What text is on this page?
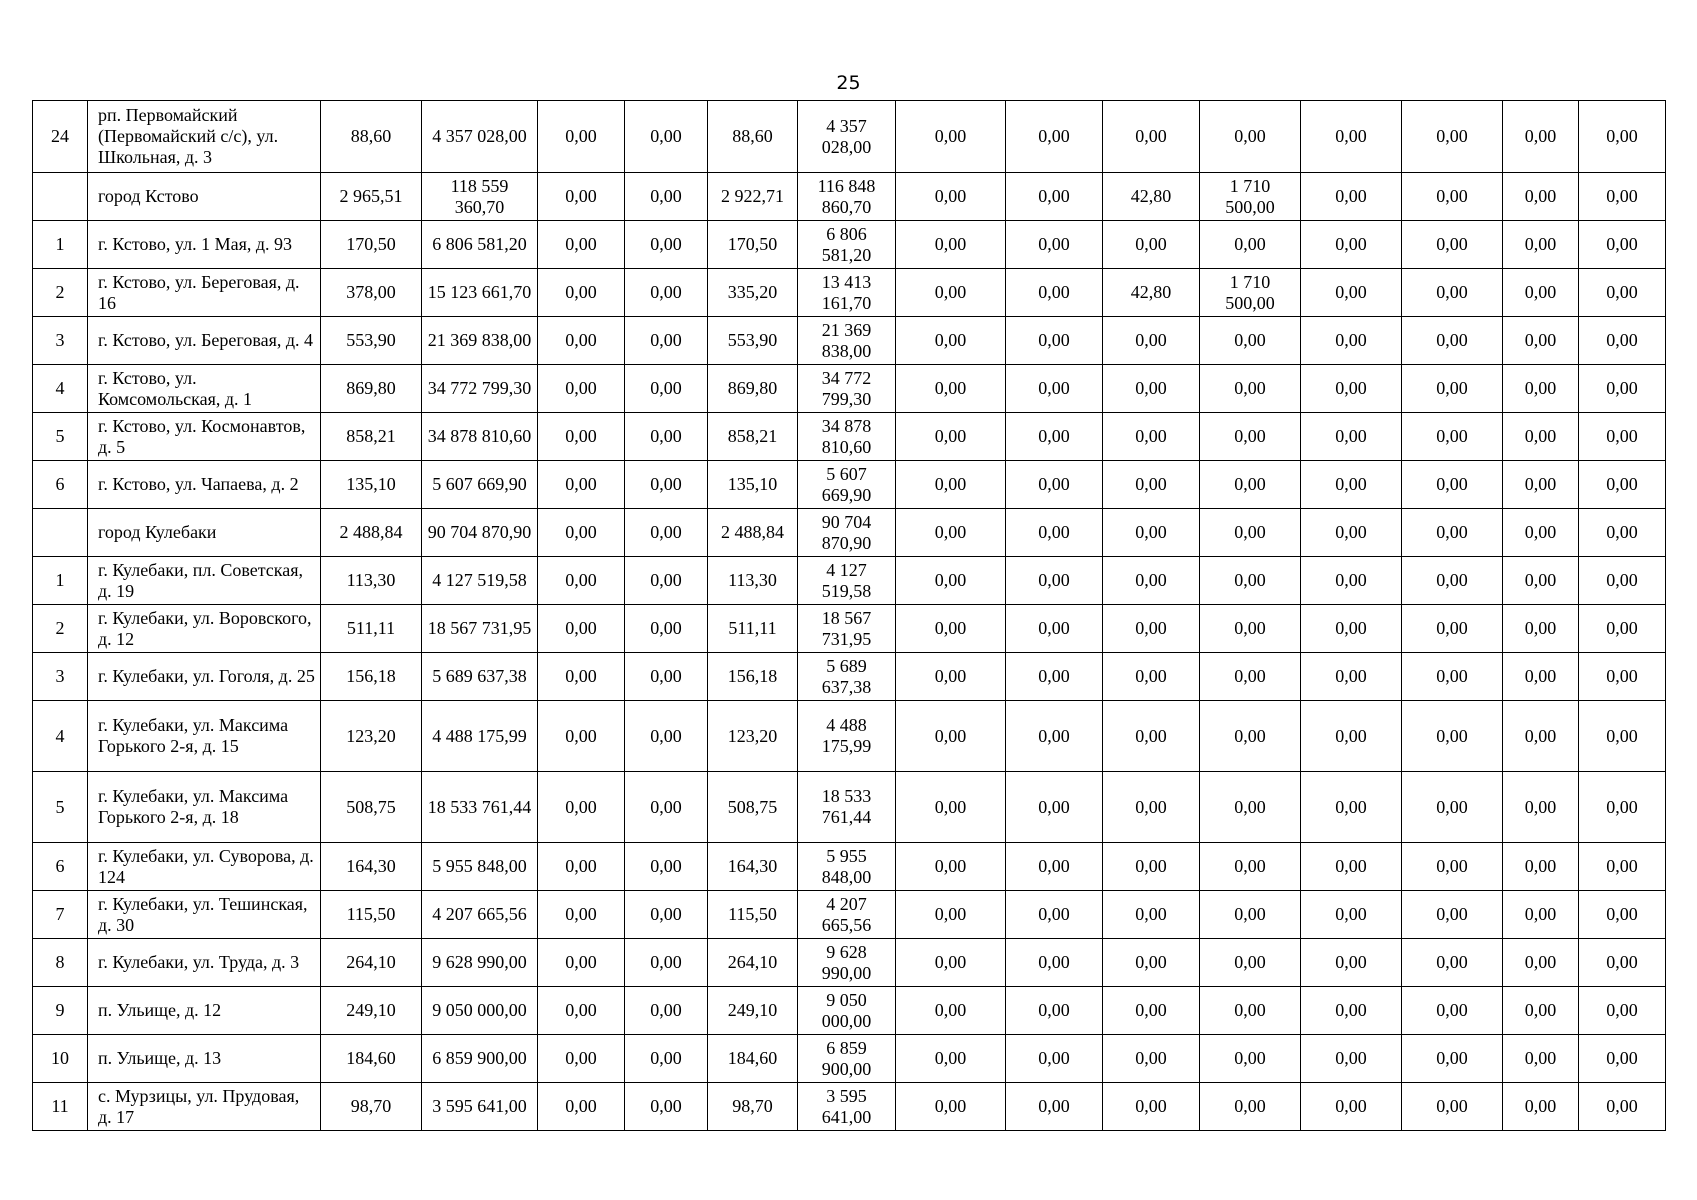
25
24	рп. Первомайский (Первомайский с/с), ул. Школьная, д. 3	88,60	4 357 028,00	0,00	0,00	88,60	4 357 028,00	0,00	0,00	0,00	0,00	0,00	0,00	0,00	0,00
	город Кстово	2 965,51	118 559 360,70	0,00	0,00	2 922,71	116 848 860,70	0,00	0,00	42,80	1 710 500,00	0,00	0,00	0,00	0,00
1	г. Кстово, ул. 1 Мая, д. 93	170,50	6 806 581,20	0,00	0,00	170,50	6 806 581,20	0,00	0,00	0,00	0,00	0,00	0,00	0,00	0,00
2	г. Кстово, ул. Береговая, д. 16	378,00	15 123 661,70	0,00	0,00	335,20	13 413 161,70	0,00	0,00	42,80	1 710 500,00	0,00	0,00	0,00	0,00
3	г. Кстово, ул. Береговая, д. 4	553,90	21 369 838,00	0,00	0,00	553,90	21 369 838,00	0,00	0,00	0,00	0,00	0,00	0,00	0,00	0,00
4	г. Кстово, ул. Комсомольская, д. 1	869,80	34 772 799,30	0,00	0,00	869,80	34 772 799,30	0,00	0,00	0,00	0,00	0,00	0,00	0,00	0,00
5	г. Кстово, ул. Космонавтов, д. 5	858,21	34 878 810,60	0,00	0,00	858,21	34 878 810,60	0,00	0,00	0,00	0,00	0,00	0,00	0,00	0,00
6	г. Кстово, ул. Чапаева, д. 2	135,10	5 607 669,90	0,00	0,00	135,10	5 607 669,90	0,00	0,00	0,00	0,00	0,00	0,00	0,00	0,00
	город Кулебаки	2 488,84	90 704 870,90	0,00	0,00	2 488,84	90 704 870,90	0,00	0,00	0,00	0,00	0,00	0,00	0,00	0,00
1	г. Кулебаки, пл. Советская, д. 19	113,30	4 127 519,58	0,00	0,00	113,30	4 127 519,58	0,00	0,00	0,00	0,00	0,00	0,00	0,00	0,00
2	г. Кулебаки, ул. Воровского, д. 12	511,11	18 567 731,95	0,00	0,00	511,11	18 567 731,95	0,00	0,00	0,00	0,00	0,00	0,00	0,00	0,00
3	г. Кулебаки, ул. Гоголя, д. 25	156,18	5 689 637,38	0,00	0,00	156,18	5 689 637,38	0,00	0,00	0,00	0,00	0,00	0,00	0,00	0,00
4	г. Кулебаки, ул. Максима Горького 2-я, д. 15	123,20	4 488 175,99	0,00	0,00	123,20	4 488 175,99	0,00	0,00	0,00	0,00	0,00	0,00	0,00	0,00
5	г. Кулебаки, ул. Максима Горького 2-я, д. 18	508,75	18 533 761,44	0,00	0,00	508,75	18 533 761,44	0,00	0,00	0,00	0,00	0,00	0,00	0,00	0,00
6	г. Кулебаки, ул. Суворова, д. 124	164,30	5 955 848,00	0,00	0,00	164,30	5 955 848,00	0,00	0,00	0,00	0,00	0,00	0,00	0,00	0,00
7	г. Кулебаки, ул. Тешинская, д. 30	115,50	4 207 665,56	0,00	0,00	115,50	4 207 665,56	0,00	0,00	0,00	0,00	0,00	0,00	0,00	0,00
8	г. Кулебаки, ул. Труда, д. 3	264,10	9 628 990,00	0,00	0,00	264,10	9 628 990,00	0,00	0,00	0,00	0,00	0,00	0,00	0,00	0,00
9	п. Ульище, д. 12	249,10	9 050 000,00	0,00	0,00	249,10	9 050 000,00	0,00	0,00	0,00	0,00	0,00	0,00	0,00	0,00
10	п. Ульище, д. 13	184,60	6 859 900,00	0,00	0,00	184,60	6 859 900,00	0,00	0,00	0,00	0,00	0,00	0,00	0,00	0,00
11	с. Мурзицы, ул. Прудовая, д. 17	98,70	3 595 641,00	0,00	0,00	98,70	3 595 641,00	0,00	0,00	0,00	0,00	0,00	0,00	0,00	0,00
